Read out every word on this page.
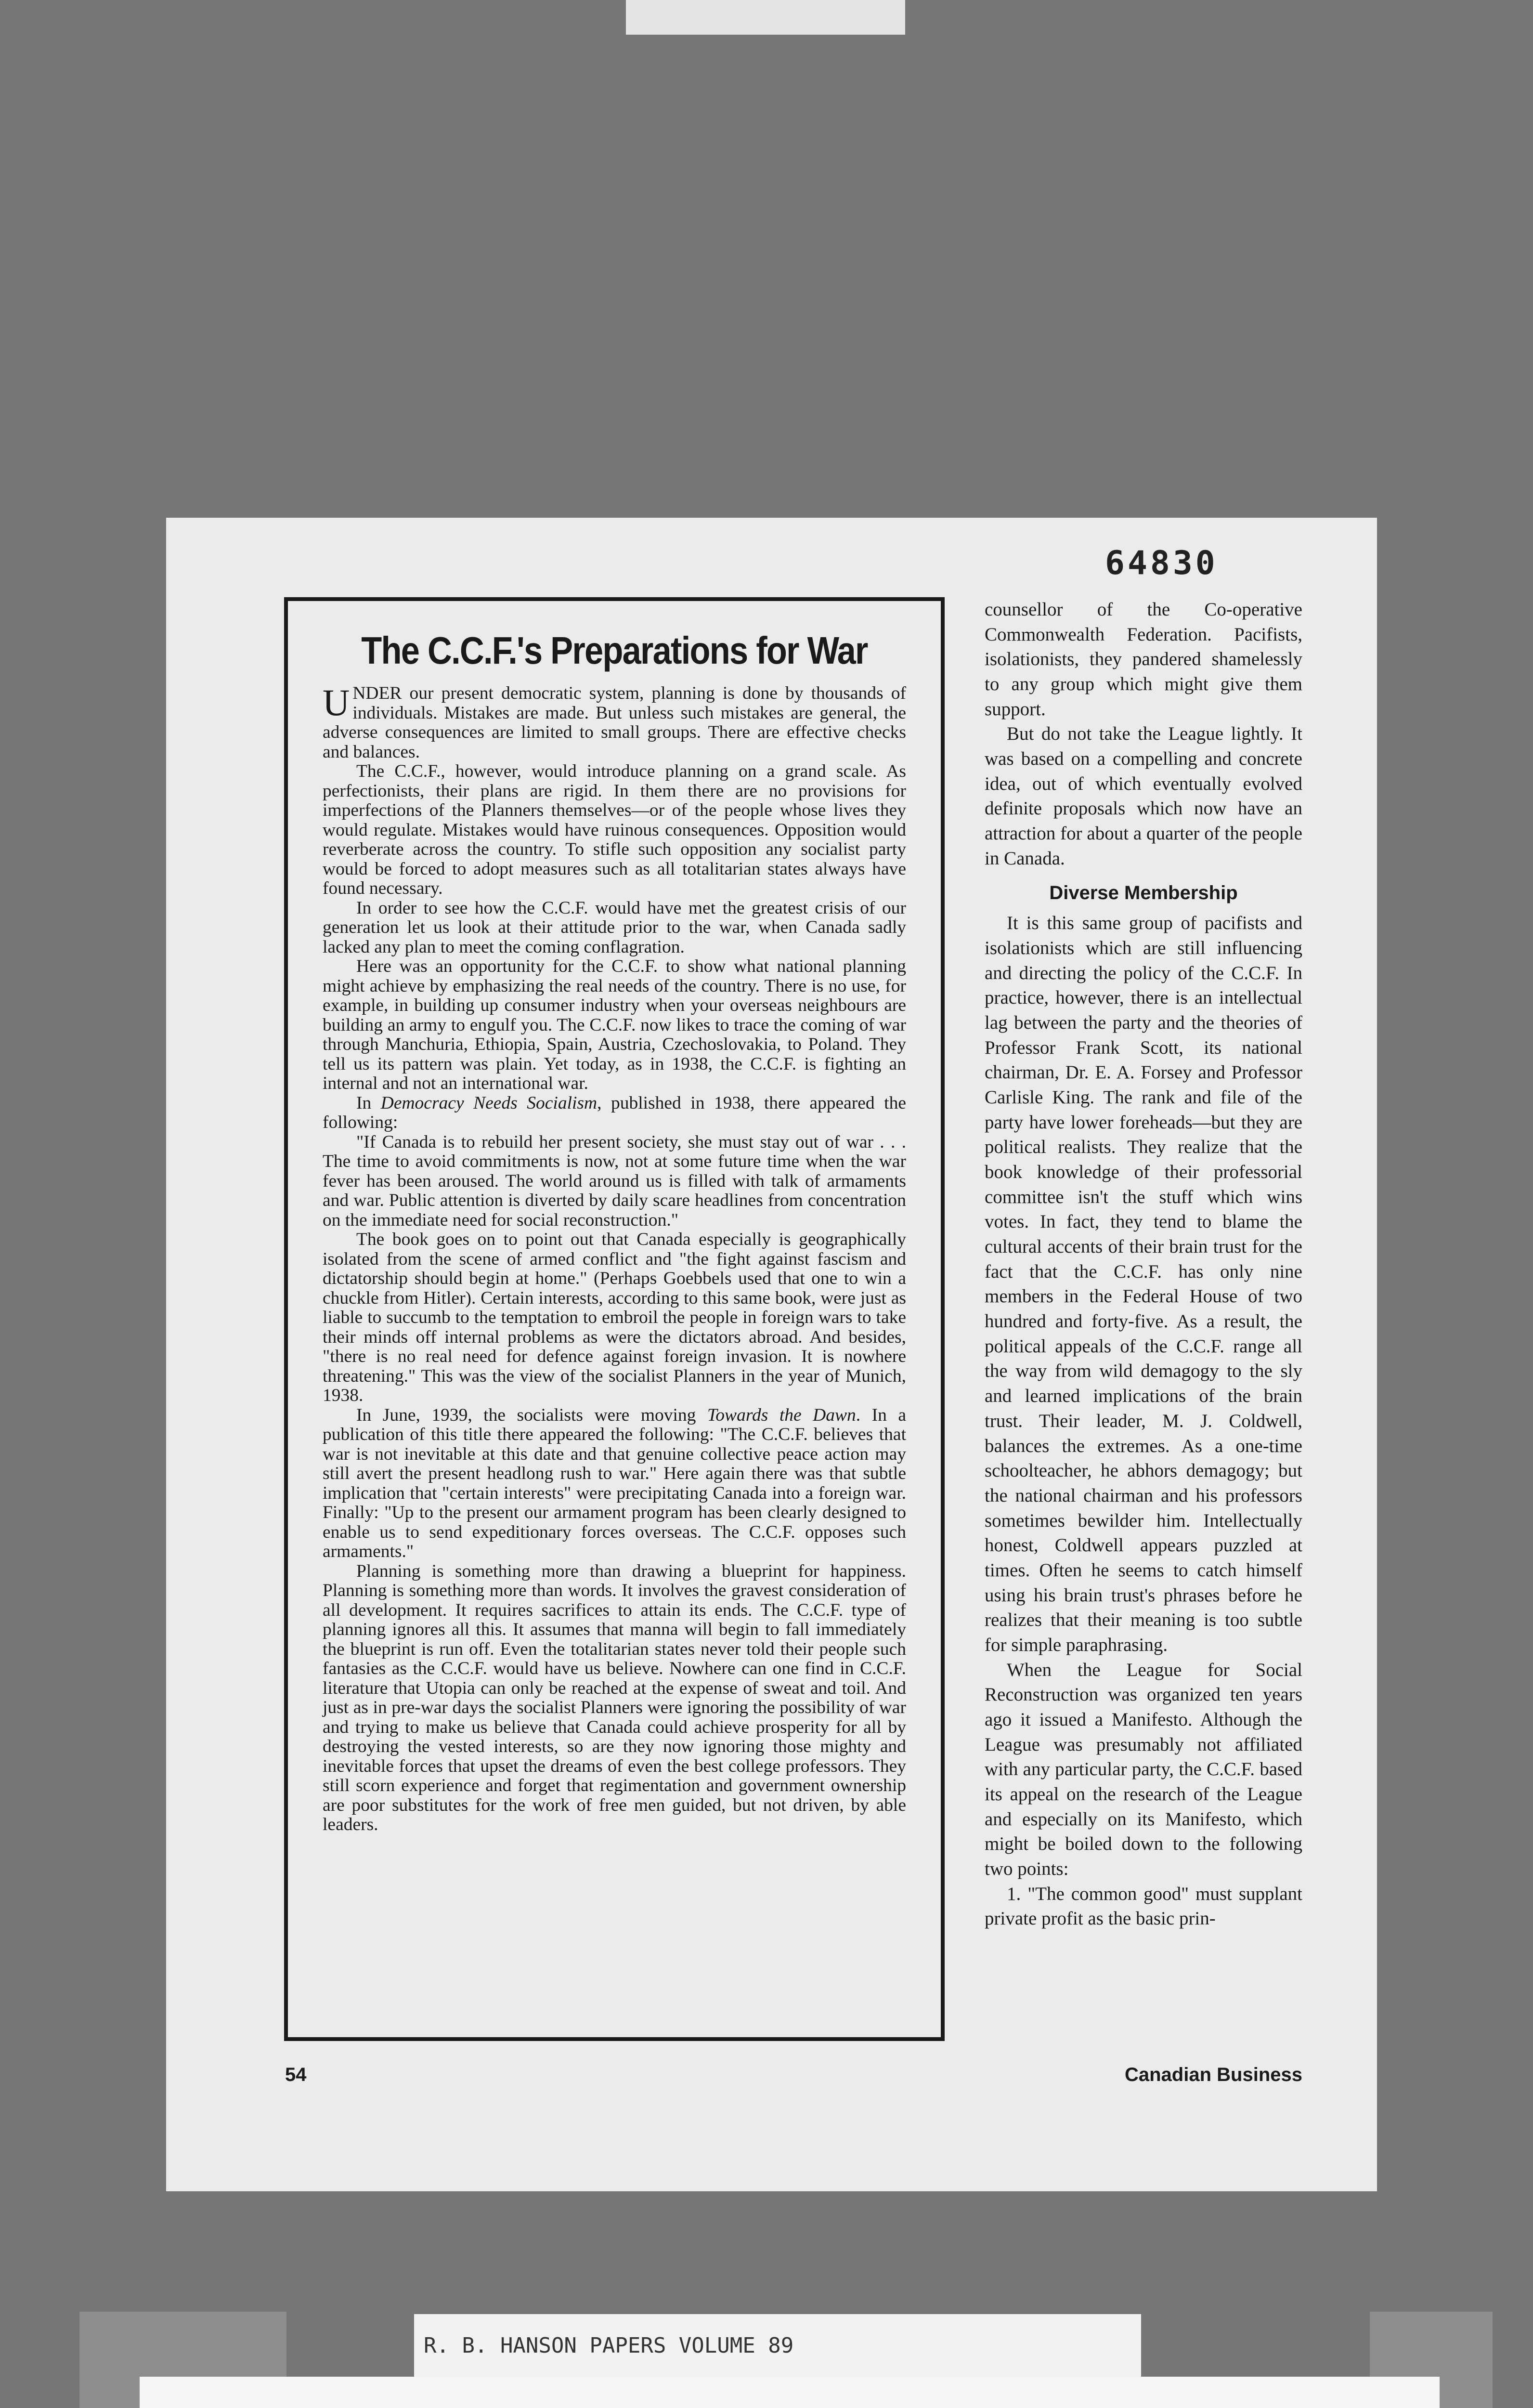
64830
The C.C.F.'s Preparations for War

UNDER our present democratic system, planning is done by thousands of individuals. Mistakes are made. But unless such mistakes are general, the adverse consequences are limited to small groups. There are effective checks and balances.

The C.C.F., however, would introduce planning on a grand scale. As perfectionists, their plans are rigid. In them there are no provisions for imperfections of the Planners themselves—or of the people whose lives they would regulate. Mistakes would have ruinous consequences. Opposition would reverberate across the country. To stifle such opposition any socialist party would be forced to adopt measures such as all totalitarian states always have found necessary.

In order to see how the C.C.F. would have met the greatest crisis of our generation let us look at their attitude prior to the war, when Canada sadly lacked any plan to meet the coming conflagration.

Here was an opportunity for the C.C.F. to show what national planning might achieve by emphasizing the real needs of the country. There is no use, for example, in building up consumer industry when your overseas neighbours are building an army to engulf you. The C.C.F. now likes to trace the coming of war through Manchuria, Ethiopia, Spain, Austria, Czechoslovakia, to Poland. They tell us its pattern was plain. Yet today, as in 1938, the C.C.F. is fighting an internal and not an international war.

In Democracy Needs Socialism, published in 1938, there appeared the following:

"If Canada is to rebuild her present society, she must stay out of war . . . The time to avoid commitments is now, not at some future time when the war fever has been aroused. The world around us is filled with talk of armaments and war. Public attention is diverted by daily scare headlines from concentration on the immediate need for social reconstruction."

The book goes on to point out that Canada especially is geographically isolated from the scene of armed conflict and "the fight against fascism and dictatorship should begin at home." (Perhaps Goebbels used that one to win a chuckle from Hitler). Certain interests, according to this same book, were just as liable to succumb to the temptation to embroil the people in foreign wars to take their minds off internal problems as were the dictators abroad. And besides, "there is no real need for defence against foreign invasion. It is nowhere threatening." This was the view of the socialist Planners in the year of Munich, 1938.

In June, 1939, the socialists were moving Towards the Dawn. In a publication of this title there appeared the following: "The C.C.F. believes that war is not inevitable at this date and that genuine collective peace action may still avert the present headlong rush to war." Here again there was that subtle implication that "certain interests" were precipitating Canada into a foreign war. Finally: "Up to the present our armament program has been clearly designed to enable us to send expeditionary forces overseas. The C.C.F. opposes such armaments."

Planning is something more than drawing a blueprint for happiness. Planning is something more than words. It involves the gravest consideration of all development. It requires sacrifices to attain its ends. The C.C.F. type of planning ignores all this. It assumes that manna will begin to fall immediately the blueprint is run off. Even the totalitarian states never told their people such fantasies as the C.C.F. would have us believe. Nowhere can one find in C.C.F. literature that Utopia can only be reached at the expense of sweat and toil. And just as in pre-war days the socialist Planners were ignoring the possibility of war and trying to make us believe that Canada could achieve prosperity for all by destroying the vested interests, so are they now ignoring those mighty and inevitable forces that upset the dreams of even the best college professors. They still scorn experience and forget that regimentation and government ownership are poor substitutes for the work of free men guided, but not driven, by able leaders.

counsellor of the Co-operative Commonwealth Federation. Pacifists, isolationists, they pandered shamelessly to any group which might give them support.

But do not take the League lightly. It was based on a compelling and concrete idea, out of which eventually evolved definite proposals which now have an attraction for about a quarter of the people in Canada.

Diverse Membership

It is this same group of pacifists and isolationists which are still influencing and directing the policy of the C.C.F. In practice, however, there is an intellectual lag between the party and the theories of Professor Frank Scott, its national chairman, Dr. E. A. Forsey and Professor Carlisle King. The rank and file of the party have lower foreheads—but they are political realists. They realize that the book knowledge of their professorial committee isn't the stuff which wins votes. In fact, they tend to blame the cultural accents of their brain trust for the fact that the C.C.F. has only nine members in the Federal House of two hundred and forty-five. As a result, the political appeals of the C.C.F. range all the way from wild demagogy to the sly and learned implications of the brain trust. Their leader, M. J. Coldwell, balances the extremes. As a one-time schoolteacher, he abhors demagogy; but the national chairman and his professors sometimes bewilder him. Intellectually honest, Coldwell appears puzzled at times. Often he seems to catch himself using his brain trust's phrases before he realizes that their meaning is too subtle for simple paraphrasing.

When the League for Social Reconstruction was organized ten years ago it issued a Manifesto. Although the League was presumably not affiliated with any particular party, the C.C.F. based its appeal on the research of the League and especially on its Manifesto, which might be boiled down to the following two points:

1. "The common good" must supplant private profit as the basic prin-

54	Canadian Business
R. B. HANSON PAPERS VOLUME 89
